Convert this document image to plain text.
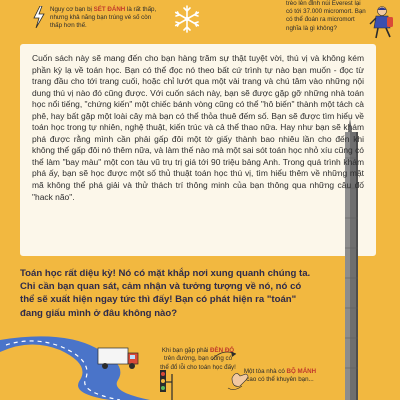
Nguy cơ bạn bị SÉT ĐÁNH là rất thấp, nhưng khả năng bạn trúng vé số còn thấp hơn thế.
trèo lên đỉnh núi Everest lại
có tới 37.000 micromort. Bạn
có thể đoán ra micromort
nghĩa là gì không?
Cuốn sách này sẽ mang đến cho bạn hàng trăm sự thật tuyệt vời, thú vị và không kém phần kỳ lạ về toán học. Bạn có thể đọc nó theo bất cứ trình tự nào bạn muốn - đọc từ trang đầu cho tới trang cuối, hoặc chỉ lướt qua một vài trang và chú tâm vào những nội dung thú vị nào đó cũng được. Với cuốn sách này, bạn sẽ được gặp gỡ những nhà toán học nổi tiếng, "chứng kiến" một chiếc bánh vòng cũng có thể "hô biến" thành một tách cà phê, hay bất gặp một loài cây mà bạn có thể thỏa thuê đếm số. Bạn sẽ được tìm hiểu về toán học trong tự nhiên, nghệ thuật, kiến trúc và cả thể thao nữa. Hay như bạn sẽ khám phá được rằng mình cần phải gấp đôi một tờ giấy thành bao nhiêu lần cho đến khi không thể gấp đôi nó thêm nữa, và làm thế nào mà một sai sót toán học nhỏ xíu cũng có thể làm "bay màu" một con tàu vũ trụ trị giá tới 90 triệu bảng Anh. Trong quá trình khám phá ấy, bạn sẽ học được một số thủ thuật toán học thú vị, tìm hiểu thêm về những mật mã không thể phá giải và thử thách trí thông minh của bạn thông qua những câu đố "hack não".
Toán học rất diệu kỳ! Nó có mặt khắp nơi xung quanh chúng ta. Chỉ cần bạn quan sát, cảm nhận và tưởng tượng về nó, nó có thể sẽ xuất hiện ngay tức thì đấy! Bạn có phát hiện ra "toán" đang giấu mình ở đâu không nào?
Khi bạn gặp phải ĐÈN ĐỎ trên đường, bạn cũng có thể đổ lỗi cho toán học đấy!
Một tòa nhà có BỘ MẢNH cao có thể khuyên bạn...
